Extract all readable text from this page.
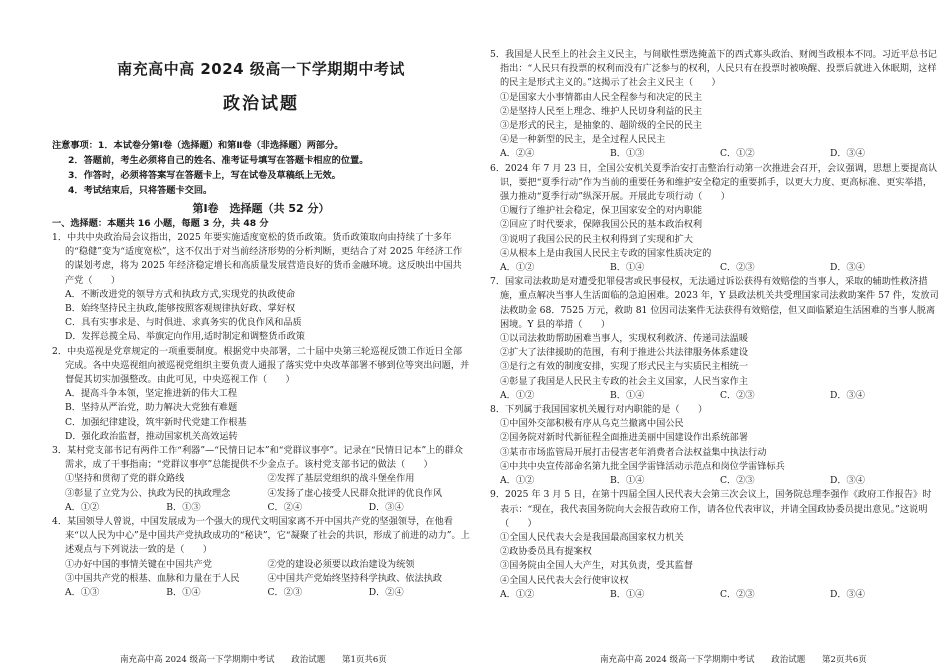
南充高中高 2024 级高一下学期期中考试
政治试题
注意事项：1．本试卷分第Ⅰ卷（选择题）和第Ⅱ卷（非选择题）两部分。
2．答题前，考生必须将自己的姓名、准考证号填写在答题卡相应的位置。
3．作答时，必须将答案写在答题卡上，写在试卷及草稿纸上无效。
4．考试结束后，只将答题卡交回。
第Ⅰ卷　选择题（共 52 分）
一、选择题：本题共 16 小题，每题 3 分，共 48 分

1．中共中央政治局会议指出，2025 年要实施适度宽松的货币政策。货币政策取向由持续了十多年的“稳健”变为“适度宽松”，这不仅出于对当前经济形势的分析判断，更结合了对 2025 年经济工作的谋划考虑，将为 2025 年经济稳定增长和高质量发展营造良好的货币金融环境。这反映出中国共产党（　　）

A．不断改进党的领导方式和执政方式,实现党的执政使命

B．始终坚持民主执政,能够按照客观规律执好政、掌好权

C．具有实事求是、与时俱进、求真务实的优良作风和品质

D．发挥总揽全局、举旗定向作用,适时制定和调整货币政策

2．中央巡视是党章规定的一项重要制度。根据党中央部署，二十届中央第三轮巡视反馈工作近日全部完成。各中央巡视组向被巡视党组织主要负责人通报了落实党中央改革部署不够到位等突出问题，并督促其切实加强整改。由此可见，中央巡视工作（　　）

A．提高斗争本领，坚定推进新的伟大工程

B．坚持从严治党，助力解决大党独有难题

C．加强纪律建设，筑牢新时代党建工作根基

D．强化政治监督，推动国家机关高效运转

3．某村党支部书记有两件工作“利器”—“民情日记本”和“党群议事亭”。记录在“民情日记本”上的群众需求，成了干事指南；“党群议事亭”总能提供不少金点子。该村党支部书记的做法（　　）

①坚持和贯彻了党的群众路线	②发挥了基层党组织的战斗堡垒作用
③彰显了立党为公、执政为民的执政理念	④发扬了虚心接受人民群众批评的优良作风
A．①②	B．①③	C．②④	D．③④

4．某国领导人曾说，中国发展成为一个强大的现代文明国家离不开中国共产党的坚强领导，在他看来“以人民为中心”是中国共产党执政成功的“秘诀”，它“凝聚了社会的共识，形成了前进的动力”。上述观点与下列说法一致的是（　　）

①办好中国的事情关键在中国共产党	②党的建设必须要以政治建设为统领
③中国共产党的根基、血脉和力量在于人民	④中国共产党始终坚持科学执政、依法执政
A．①③	B．①④	C．②③	D．②④
南充高中高 2024 级高一下学期期中考试 政治试题 第1页共6页

5．我国是人民至上的社会主义民主，与间歇性票选掩盖下的西式寡头政治、财阀当政根本不同。习近平总书记指出：“人民只有投票的权利而没有广泛参与的权利，人民只有在投票时被唤醒、投票后就进入休眠期，这样的民主是形式主义的。”这揭示了社会主义民主（　　）

①是国家大小事情都由人民全程参与和决定的民主

②是坚持人民至上理念、维护人民切身利益的民主

③是形式的民主，是抽象的、超阶级的全民的民主

④是一种新型的民主，是全过程人民民主

A．②④	B．①③	C．①②	D．③④

6．2024 年 7 月 23 日，全国公安机关夏季治安打击整治行动第一次推进会召开，会议强调，思想上要提高认识，要把“夏季行动”作为当前的重要任务和维护安全稳定的重要抓手，以更大力度、更高标准、更实举措，强力推动“夏季行动”纵深开展。开展此专项行动（　　）

①履行了维护社会稳定，保卫国家安全的对内职能

②回应了时代要求，保障我国公民的基本政治权利

③说明了我国公民的民主权利得到了实现和扩大

④从根本上是由我国人民民主专政的国家性质决定的

A．①②	B．①④	C．②③	D．③④

7．国家司法救助是对遭受犯罪侵害或民事侵权，无法通过诉讼获得有效赔偿的当事人，采取的辅助性救济措施，重点解决当事人生活面临的急迫困难。2023 年，Y 县政法机关共受理国家司法救助案件 57 件，发放司法救助金 68．7525 万元，救助 81 位因司法案件无法获得有效赔偿，但又面临紧迫生活困难的当事人脱离困境。Y 县的举措（　　）

①以司法救助帮助困难当事人，实现权利救济、传递司法温暖

②扩大了法律援助的范围，有利于推进公共法律服务体系建设

③是行之有效的制度安排，实现了形式民主与实质民主相统一

④彰显了我国是人民民主专政的社会主义国家，人民当家作主

A．①②	B．①④	C．②③	D．③④

8．下列属于我国国家机关履行对内职能的是（　　）

①中国外交部积极有序从乌克兰撤离中国公民

②国务院对新时代新征程全面推进美丽中国建设作出系统部署

③某市市场监管局开展打击侵害老年消费者合法权益集中执法行动

④中共中央宣传部命名第九批全国学雷锋活动示范点和岗位学雷锋标兵

A．①②	B．①④	C．②③	D．③④

9．2025 年 3 月 5 日，在第十四届全国人民代表大会第三次会议上，国务院总理李强作《政府工作报告》时表示：“现在，我代表国务院向大会报告政府工作，请各位代表审议，并请全国政协委员提出意见。”这说明（　　）

①全国人民代表大会是我国最高国家权力机关

②政协委员具有提案权

③国务院由全国人大产生，对其负责，受其监督

④全国人民代表大会行使审议权

A．①②	B．①④	C．②③	D．③④
南充高中高 2024 级高一下学期期中考试 政治试题 第2页共6页
